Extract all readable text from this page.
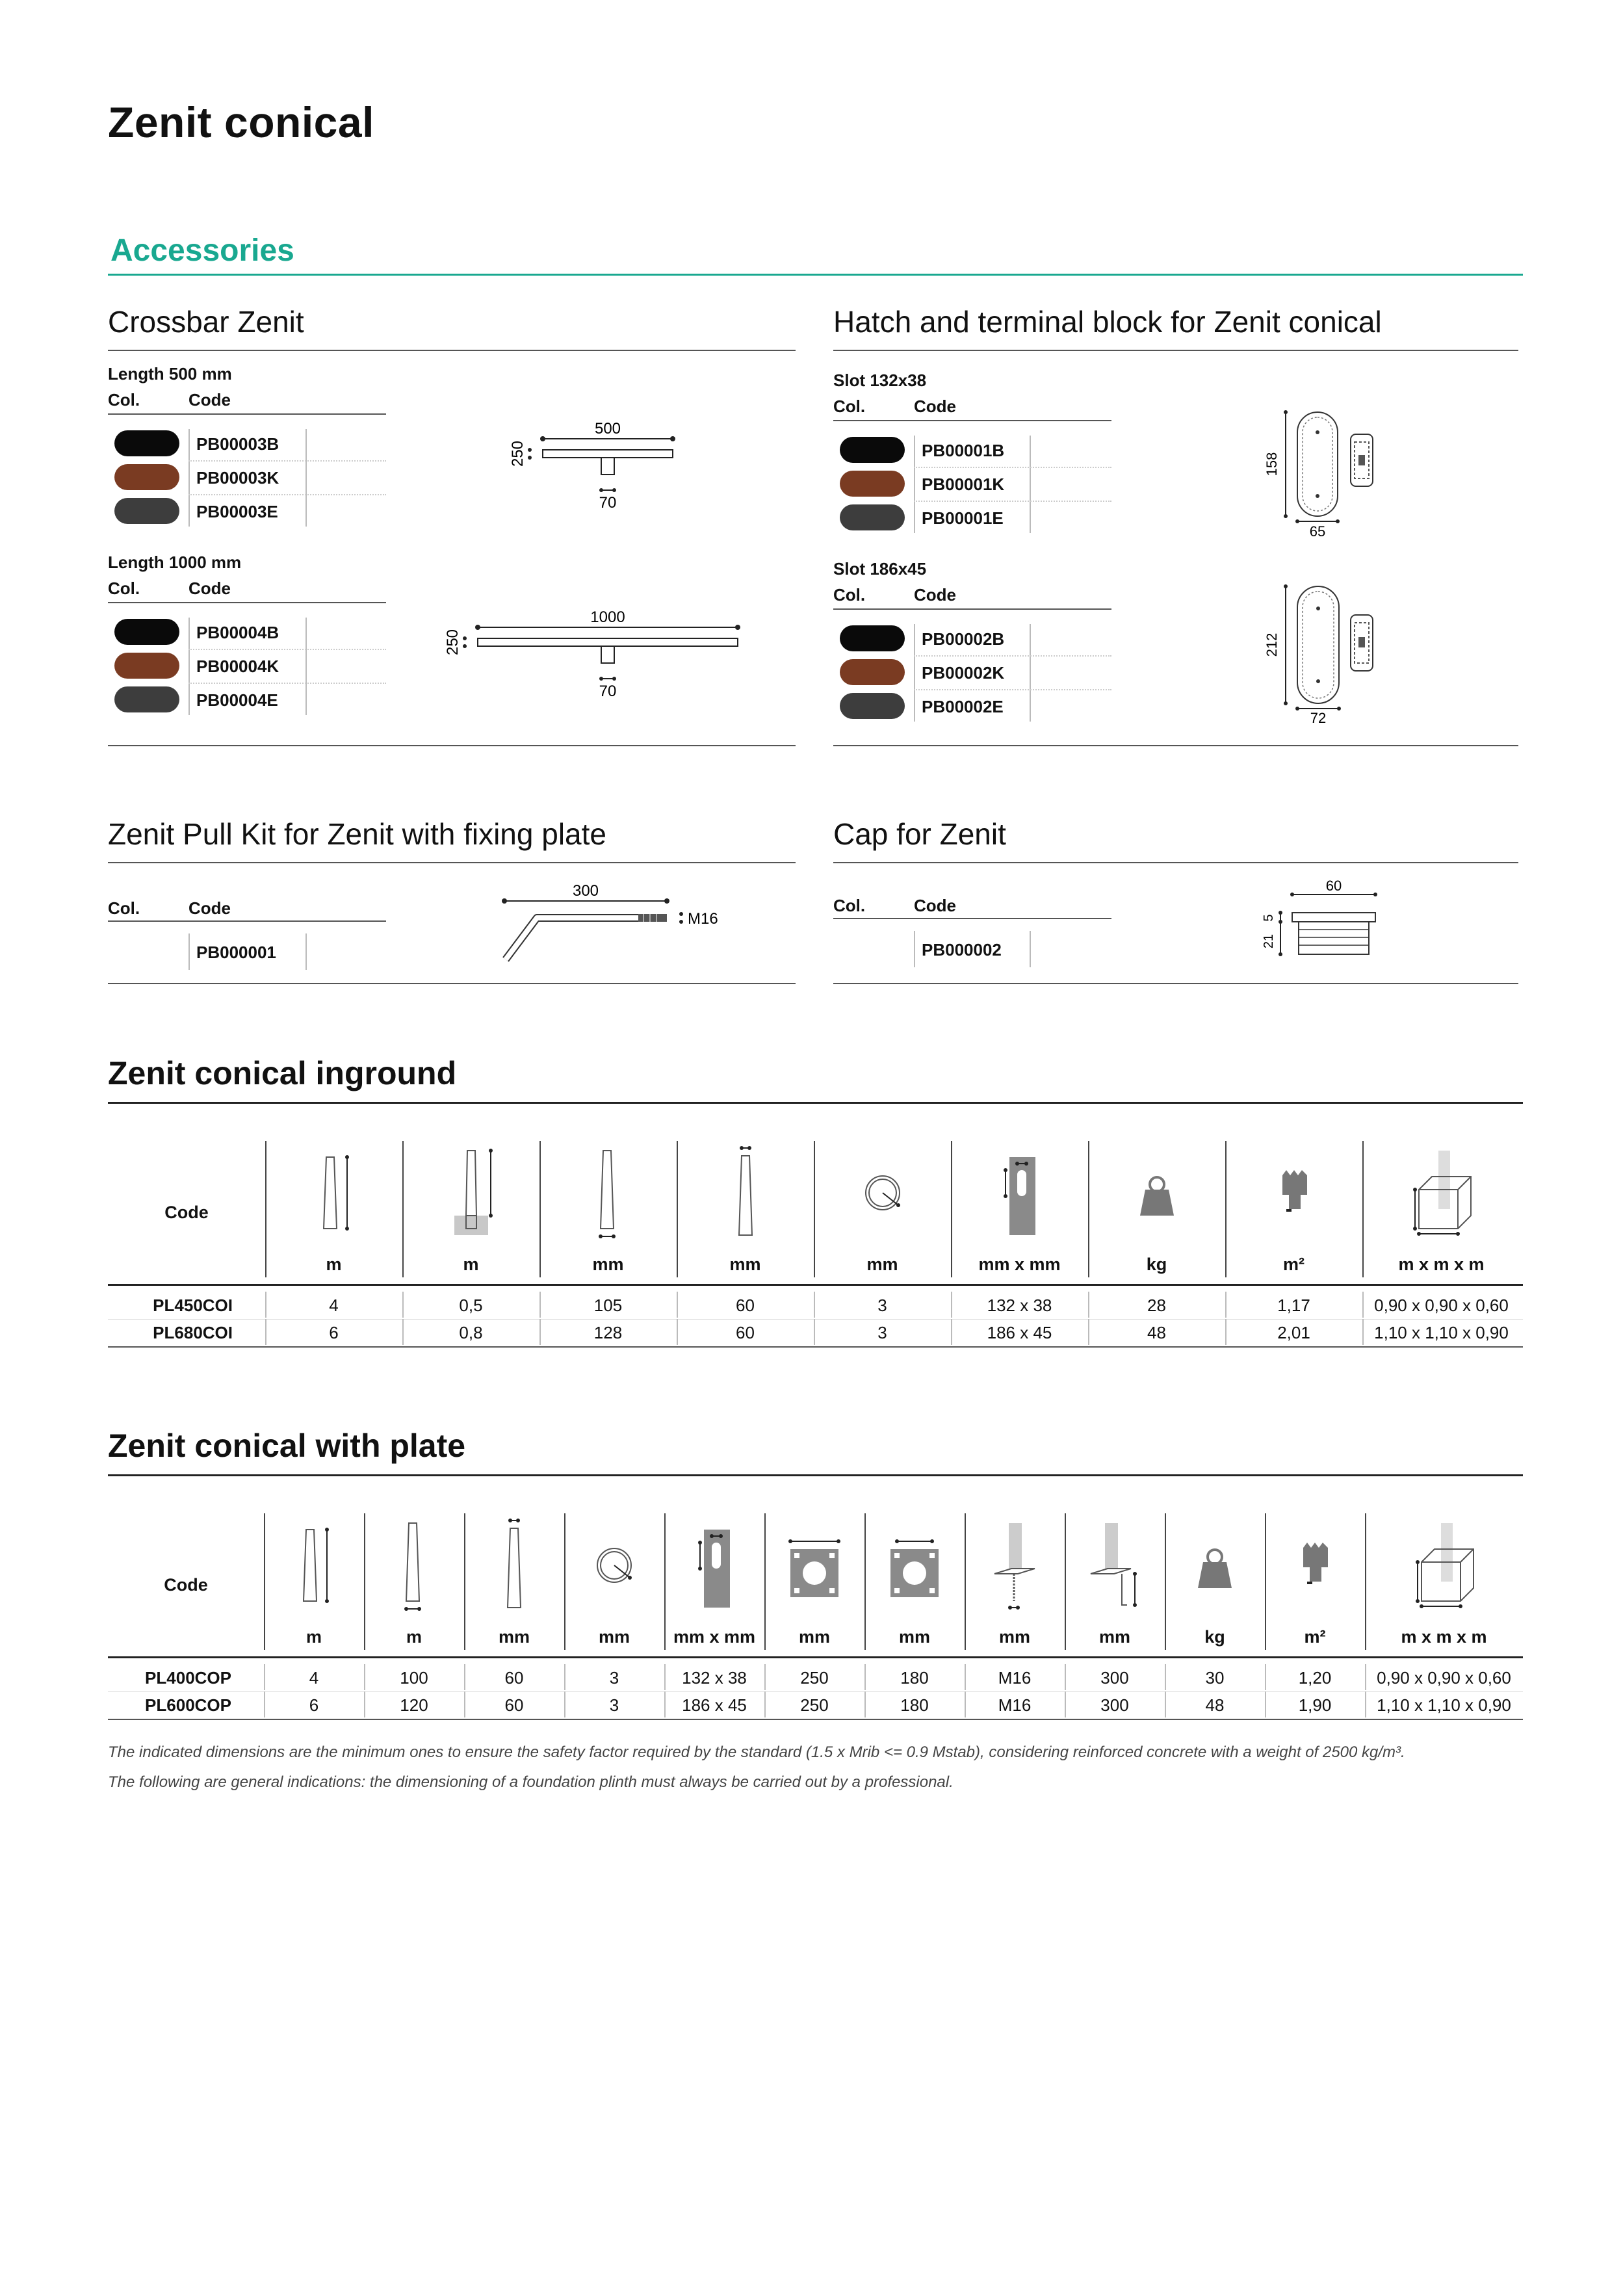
Zenit conical
Accessories
Crossbar Zenit
Length 500 mm
Col.	Code
PB00003B
PB00003K
PB00003E
500
70
250
Length 1000 mm
Col.	Code
PB00004B
PB00004K
PB00004E
1000
70
250
Hatch and terminal block for Zenit conical
Slot 132x38
Col.	Code
PB00001B
PB00001K
PB00001E
158
65
Slot 186x45
Col.	Code
PB00002B
PB00002K
PB00002E
212
72
Zenit Pull Kit for Zenit with fixing plate
Col.	Code
PB000001
300
M16
Cap for Zenit
Col.	Code
PB000002
60
5
21
Zenit conical inground
Code
m	m	mm	mm	mm	mm x mm	kg	m²	m x m x m
PL450COI	4	0,5	105	60	3	132 x 38	28	1,17	0,90 x 0,90 x 0,60
PL680COI	6	0,8	128	60	3	186 x 45	48	2,01	1,10 x 1,10 x 0,90
Zenit conical with plate
Code
m	m	mm	mm	mm x mm	mm	mm	mm	mm	kg	m²	m x m x m
PL400COP	4	100	60	3	132 x 38	250	180	M16	300	30	1,20	0,90 x 0,90 x 0,60
PL600COP	6	120	60	3	186 x 45	250	180	M16	300	48	1,90	1,10 x 1,10 x 0,90
The indicated dimensions are the minimum ones to ensure the safety factor required by the standard (1.5 x Mrib <= 0.9 Mstab), considering reinforced concrete with a weight of 2500 kg/m³.
The following are general indications: the dimensioning of a foundation plinth must always be carried out by a professional.
